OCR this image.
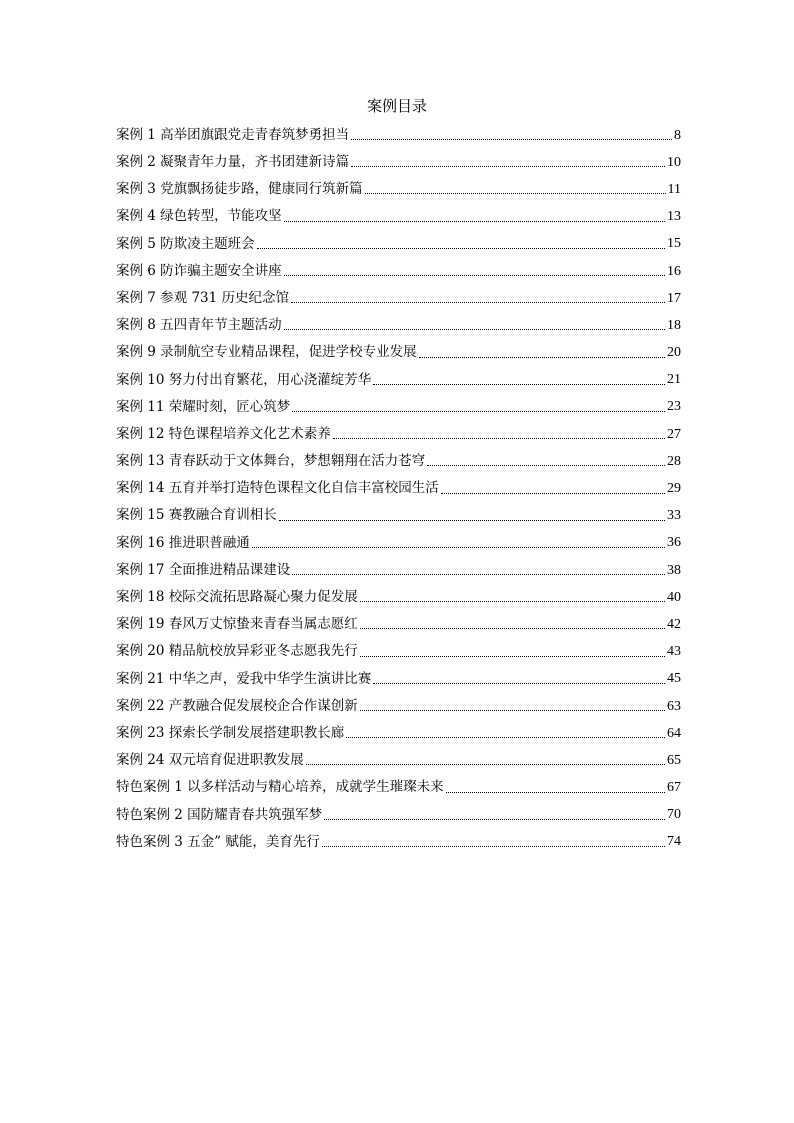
案例目录
案例 1 高举团旗跟党走青春筑梦勇担当	8
案例 2 凝聚青年力量，齐书团建新诗篇	10
案例 3 党旗飘扬徒步路，健康同行筑新篇	11
案例 4 绿色转型，节能攻坚	13
案例 5 防欺凌主题班会	15
案例 6 防诈骗主题安全讲座	16
案例 7 参观 731 历史纪念馆	17
案例 8 五四青年节主题活动	18
案例 9 录制航空专业精品课程，促进学校专业发展	20
案例 10 努力付出育繁花，用心浇灌绽芳华	21
案例 11 荣耀时刻，匠心筑梦	23
案例 12 特色课程培养文化艺术素养	27
案例 13 青春跃动于文体舞台，梦想翱翔在活力苍穹	28
案例 14 五育并举打造特色课程文化自信丰富校园生活	29
案例 15 赛教融合育训相长	33
案例 16 推进职普融通	36
案例 17 全面推进精品课建设	38
案例 18 校际交流拓思路凝心聚力促发展	40
案例 19 春风万丈惊蛰来青春当属志愿红	42
案例 20 精品航校放异彩亚冬志愿我先行	43
案例 21 中华之声，爱我中华学生演讲比赛	45
案例 22 产教融合促发展校企合作谋创新	63
案例 23 探索长学制发展搭建职教长廊	64
案例 24 双元培育促进职教发展	65
特色案例 1 以多样活动与精心培养，成就学生璀璨未来	67
特色案例 2 国防耀青春共筑强军梦	70
特色案例 3 五金” 赋能，美育先行	74
